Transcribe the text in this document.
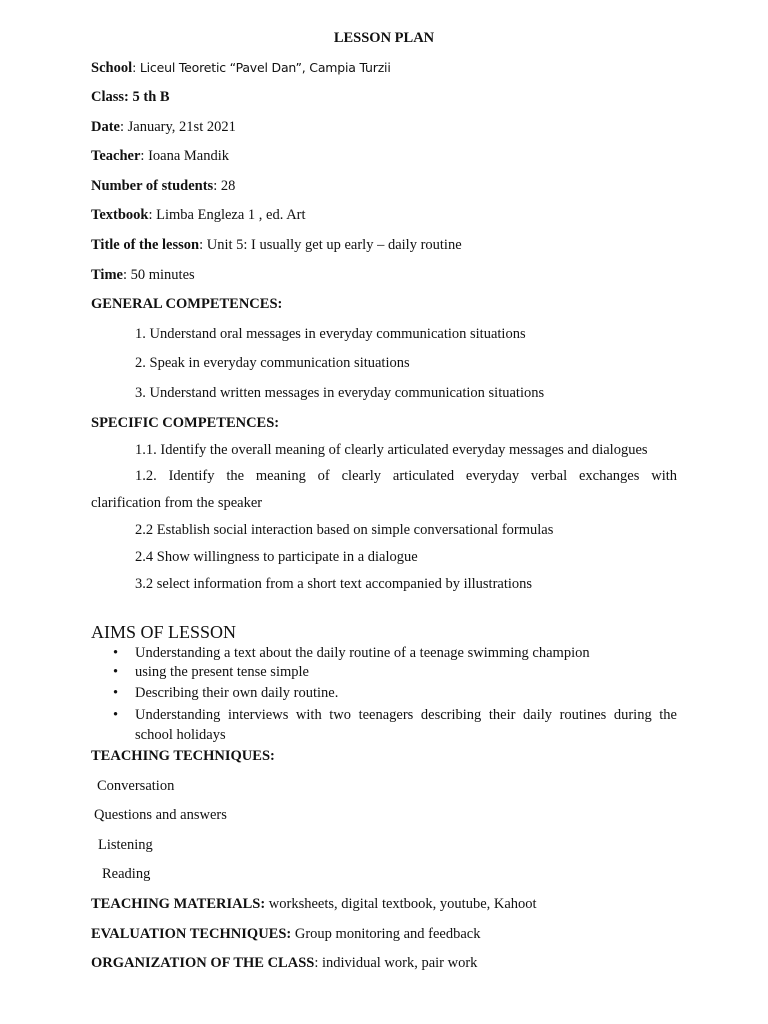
LESSON PLAN
School: Liceul Teoretic “Pavel Dan”, Campia Turzii
Class: 5 th B
Date: January, 21st 2021
Teacher: Ioana Mandik
Number of students: 28
Textbook: Limba Engleza 1 , ed. Art
Title of the lesson: Unit 5: I usually get up early – daily routine
Time: 50 minutes
GENERAL COMPETENCES:
1. Understand oral messages in everyday communication situations
2. Speak in everyday communication situations
3. Understand written messages in everyday communication situations
SPECIFIC COMPETENCES:
1.1. Identify the overall meaning of clearly articulated everyday messages and dialogues
1.2. Identify the meaning of clearly articulated everyday verbal exchanges with
clarification from the speaker
2.2 Establish social interaction based on simple conversational formulas
2.4 Show willingness to participate in a dialogue
3.2 select information from a short text accompanied by illustrations
AIMS OF LESSON
• Understanding a text about the daily routine of a teenage swimming champion
• using the present tense simple
• Describing their own daily routine.
• Understanding interviews with two teenagers describing their daily routines during the school holidays
TEACHING TECHNIQUES:
Conversation
Questions and answers
Listening
Reading
TEACHING MATERIALS: worksheets, digital textbook, youtube, Kahoot
EVALUATION TECHNIQUES: Group monitoring and feedback
ORGANIZATION OF THE CLASS: individual work, pair work
